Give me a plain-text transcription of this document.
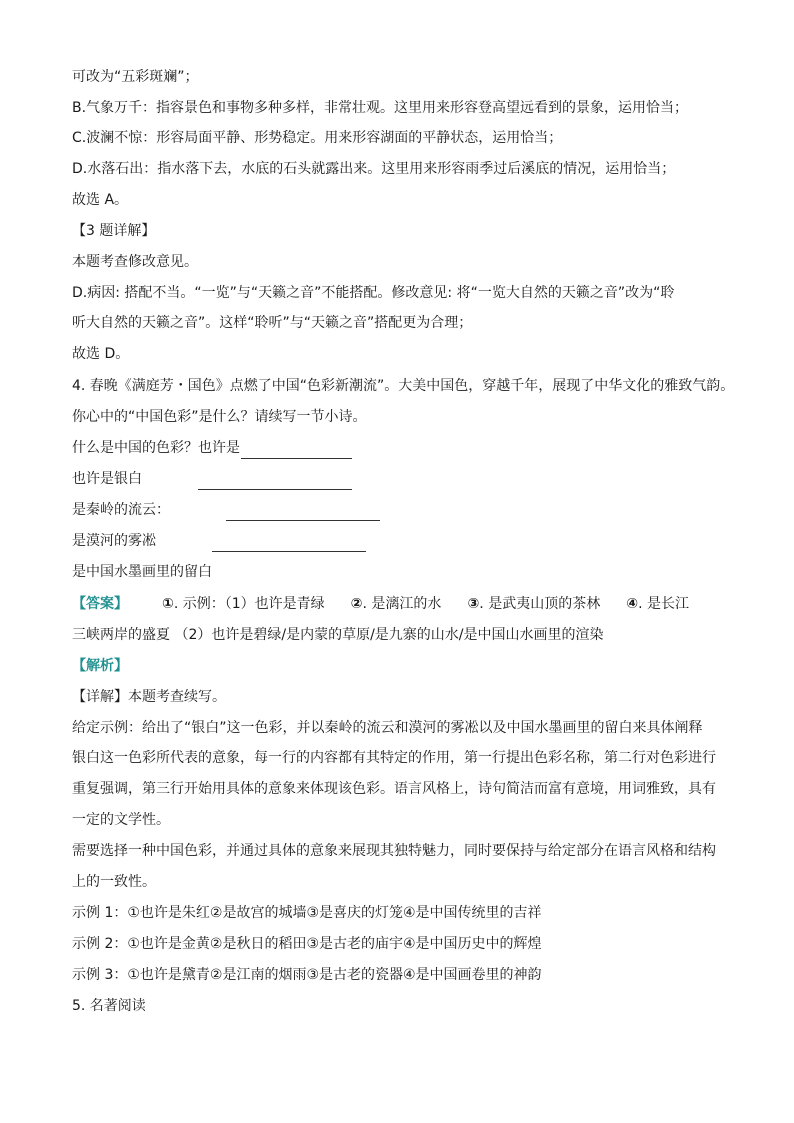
可改为“五彩斑斓”；
B.气象万千：指容景色和事物多种多样，非常壮观。这里用来形容登高望远看到的景象，运用恰当；
C.波澜不惊：形容局面平静、形势稳定。用来形容湖面的平静状态，运用恰当；
D.水落石出：指水落下去，水底的石头就露出来。这里用来形容雨季过后溪底的情况，运用恰当；
故选 A。
【3 题详解】
本题考查修改意见。
D.病因: 搭配不当。“一览”与“天籁之音”不能搭配。修改意见: 将“一览大自然的天籁之音”改为“聆
听大自然的天籁之音”。这样“聆听”与“天籁之音”搭配更为合理；
故选 D。
4. 春晚《满庭芳・国色》点燃了中国“色彩新潮流”。大美中国色，穿越千年，展现了中华文化的雅致气韵。
你心中的“中国色彩”是什么？请续写一节小诗。
什么是中国的色彩？也许是
也许是银白
是秦岭的流云：
是漠河的雾凇
是中国水墨画里的留白
【答案】 ①. 示例：（1）也许是青绿 ②. 是漓江的水 ③. 是武夷山顶的茶林 ④. 是长江
三峡两岸的盛夏 （2）也许是碧绿/是内蒙的草原/是九寨的山水/是中国山水画里的渲染
【解析】
【详解】本题考查续写。
给定示例：给出了“银白”这一色彩，并以秦岭的流云和漠河的雾凇以及中国水墨画里的留白来具体阐释
银白这一色彩所代表的意象，每一行的内容都有其特定的作用，第一行提出色彩名称，第二行对色彩进行
重复强调，第三行开始用具体的意象来体现该色彩。语言风格上，诗句简洁而富有意境，用词雅致，具有
一定的文学性。
需要选择一种中国色彩，并通过具体的意象来展现其独特魅力，同时要保持与给定部分在语言风格和结构
上的一致性。
示例 1：①也许是朱红②是故宫的城墙③是喜庆的灯笼④是中国传统里的吉祥
示例 2：①也许是金黄②是秋日的稻田③是古老的庙宇④是中国历史中的辉煌
示例 3：①也许是黛青②是江南的烟雨③是古老的瓷器④是中国画卷里的神韵
5. 名著阅读
